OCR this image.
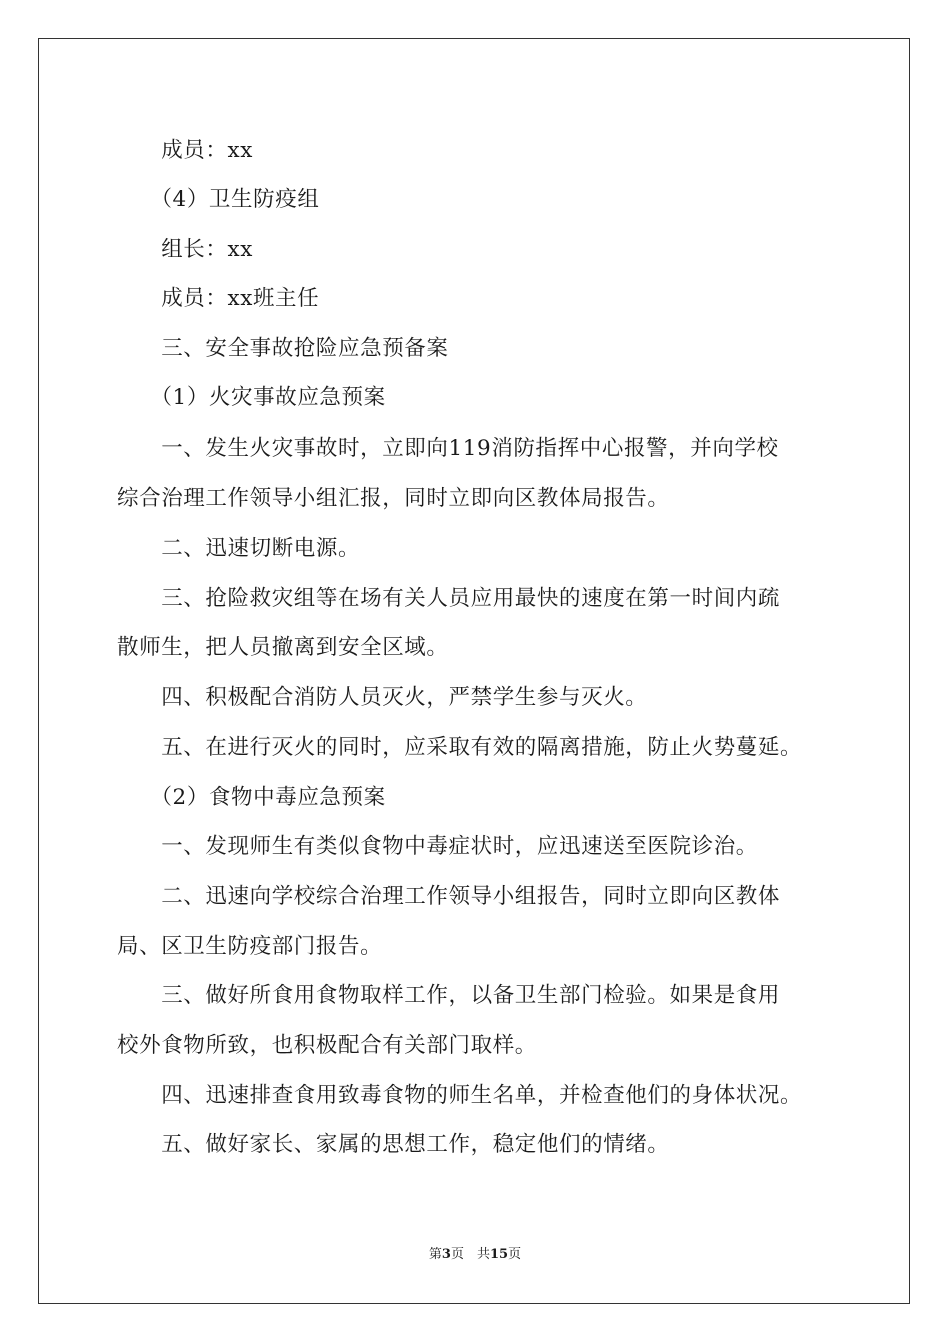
　　成员：xx
　　（4）卫生防疫组
　　组长：xx
　　成员：xx班主任
　　三、安全事故抢险应急预备案
　　（1）火灾事故应急预案
　　一、发生火灾事故时，立即向119消防指挥中心报警，并向学校
综合治理工作领导小组汇报，同时立即向区教体局报告。
　　二、迅速切断电源。
　　三、抢险救灾组等在场有关人员应用最快的速度在第一时间内疏
散师生，把人员撤离到安全区域。
　　四、积极配合消防人员灭火，严禁学生参与灭火。
　　五、在进行灭火的同时，应采取有效的隔离措施，防止火势蔓延。
　　（2）食物中毒应急预案
　　一、发现师生有类似食物中毒症状时，应迅速送至医院诊治。
　　二、迅速向学校综合治理工作领导小组报告，同时立即向区教体
局、区卫生防疫部门报告。
　　三、做好所食用食物取样工作，以备卫生部门检验。如果是食用
校外食物所致，也积极配合有关部门取样。
　　四、迅速排查食用致毒食物的师生名单，并检查他们的身体状况。
　　五、做好家长、家属的思想工作，稳定他们的情绪。
第3页　共15页
